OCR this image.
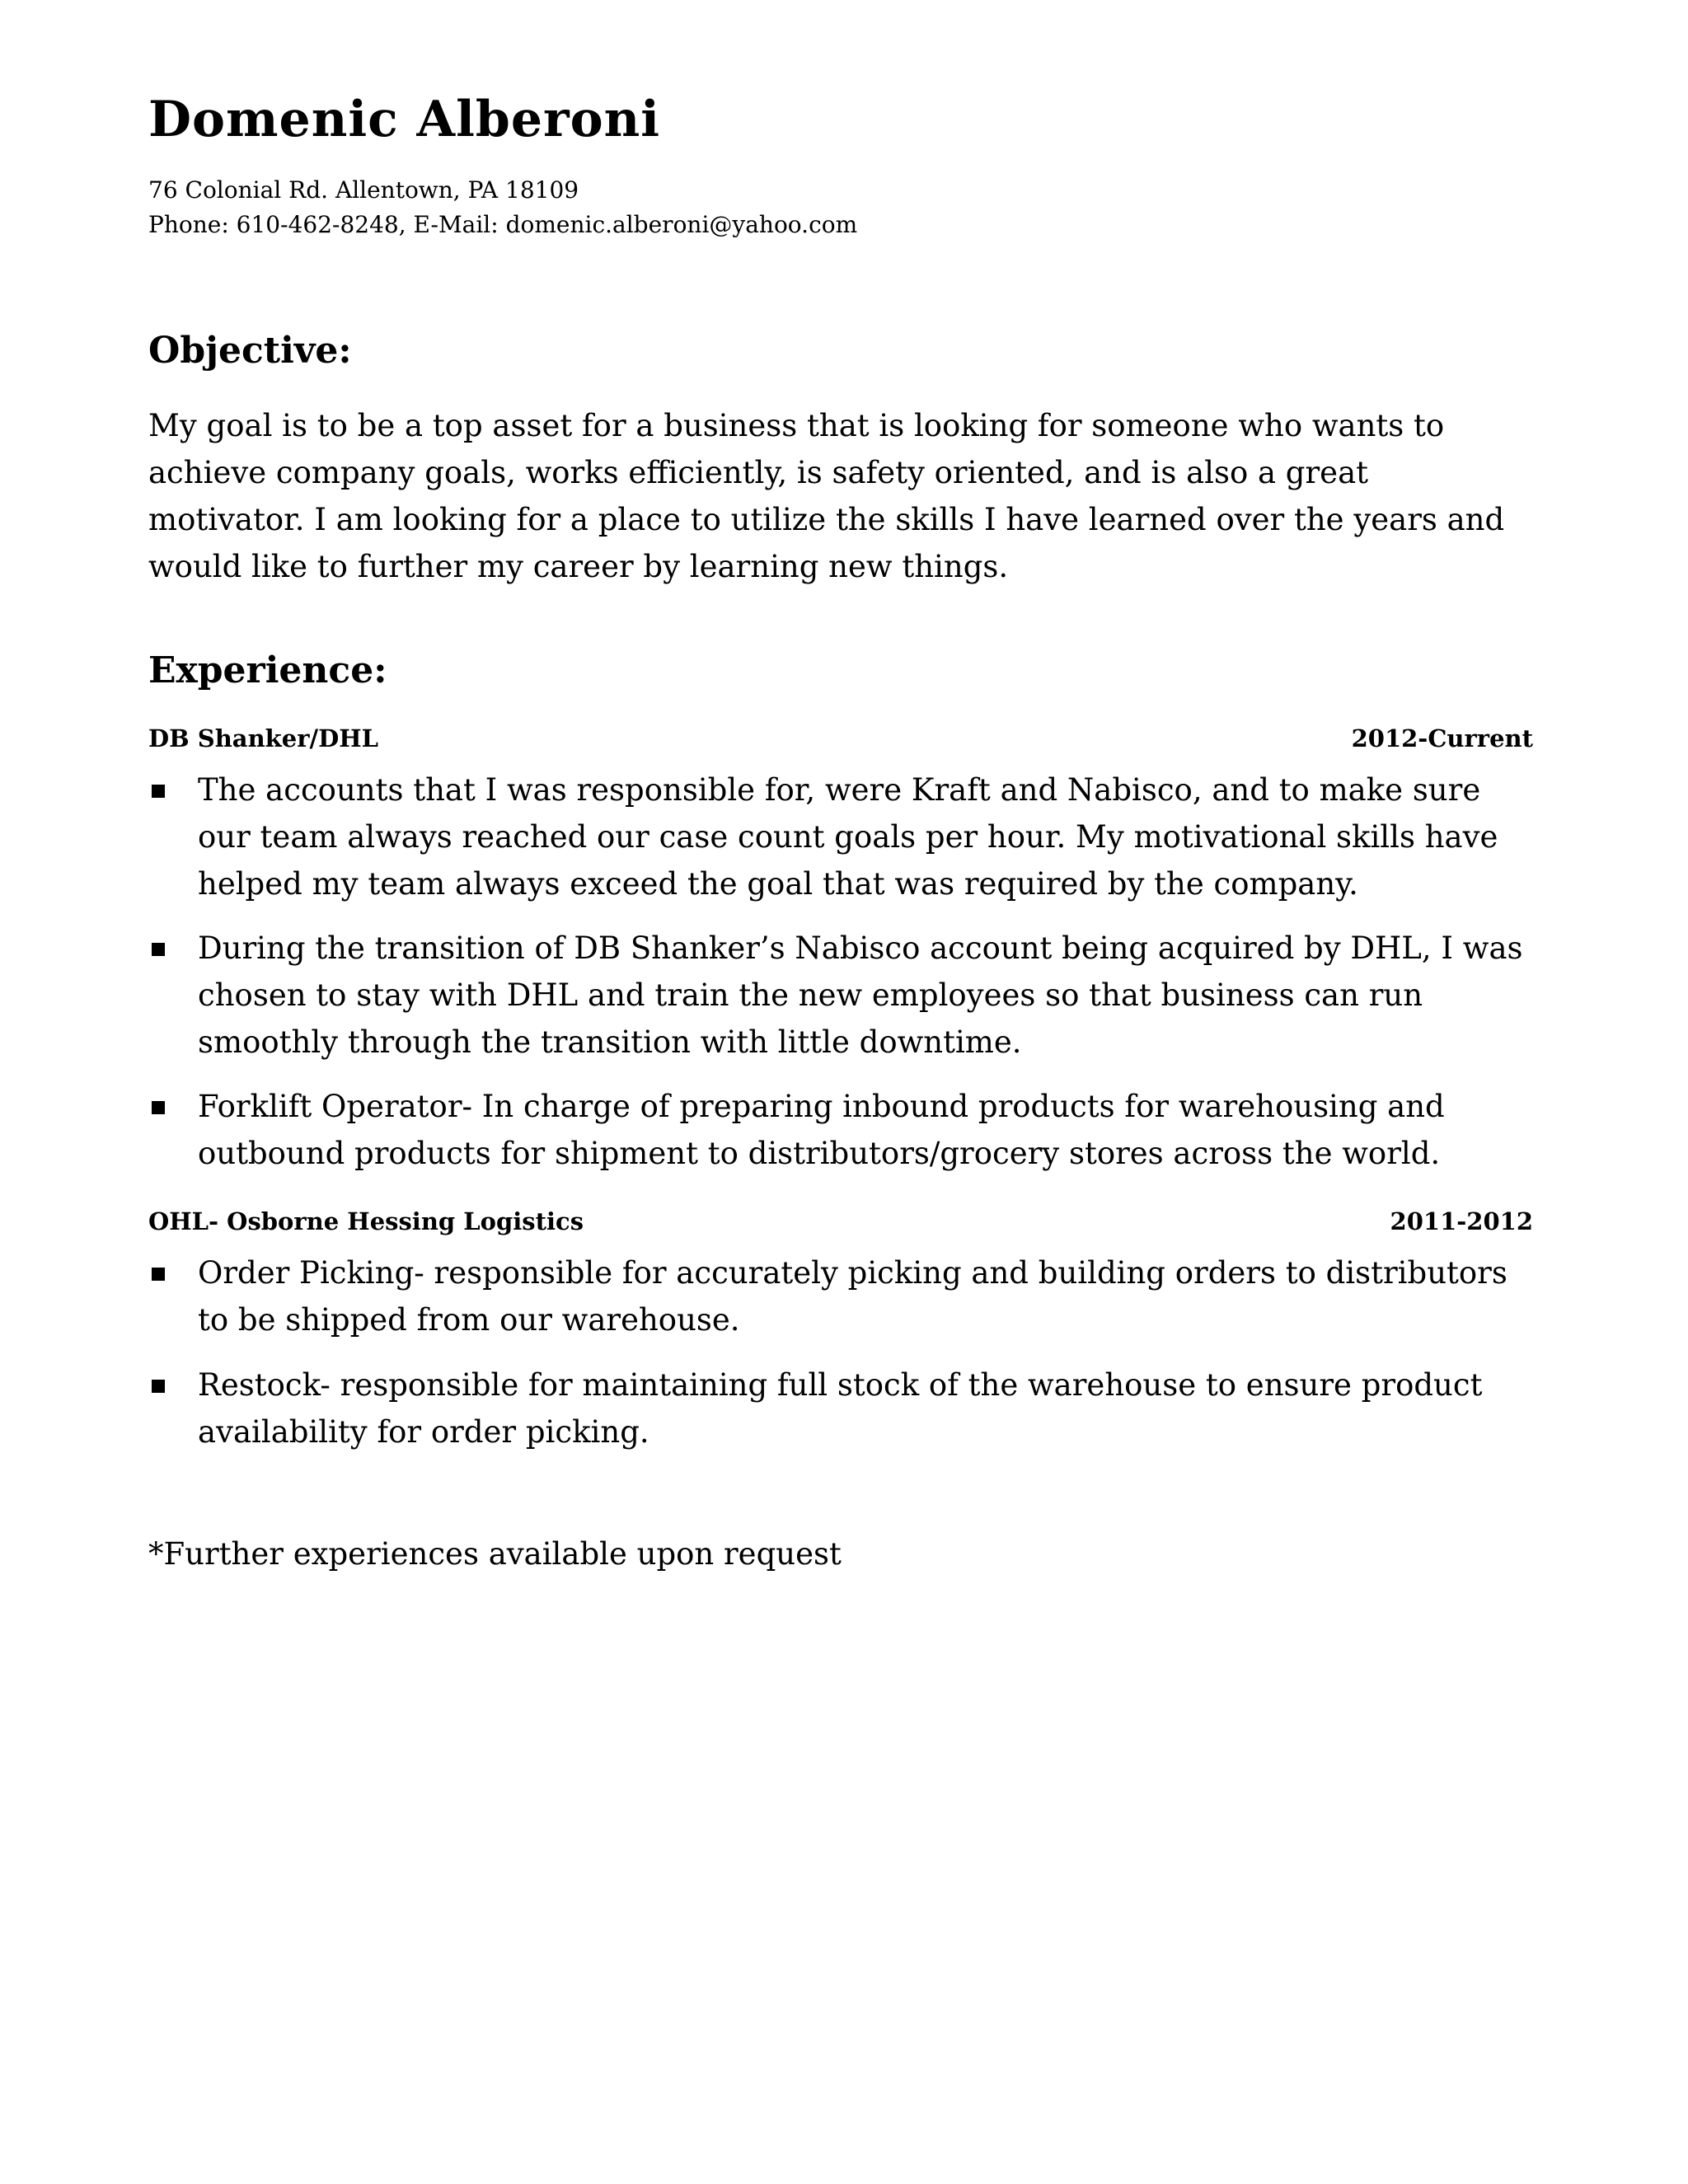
Domenic Alberoni

76 Colonial Rd. Allentown, PA 18109

Phone: 610-462-8248, E-Mail: domenic.alberoni@yahoo.com

Objective:

My goal is to be a top asset for a business that is looking for someone who wants to achieve company goals, works efficiently, is safety oriented, and is also a great motivator. I am looking for a place to utilize the skills I have learned over the years and would like to further my career by learning new things.

Experience:
DB Shanker/DHL	2012-Current

The accounts that I was responsible for, were Kraft and Nabisco, and to make sure our team always reached our case count goals per hour. My motivational skills have helped my team always exceed the goal that was required by the company.

During the transition of DB Shanker’s Nabisco account being acquired by DHL, I was chosen to stay with DHL and train the new employees so that business can run smoothly through the transition with little downtime.

Forklift Operator- In charge of preparing inbound products for warehousing and outbound products for shipment to distributors/grocery stores across the world.

OHL- Osborne Hessing Logistics	2011-2012

Order Picking- responsible for accurately picking and building orders to distributors to be shipped from our warehouse.

Restock- responsible for maintaining full stock of the warehouse to ensure product availability for order picking.

*Further experiences available upon request
